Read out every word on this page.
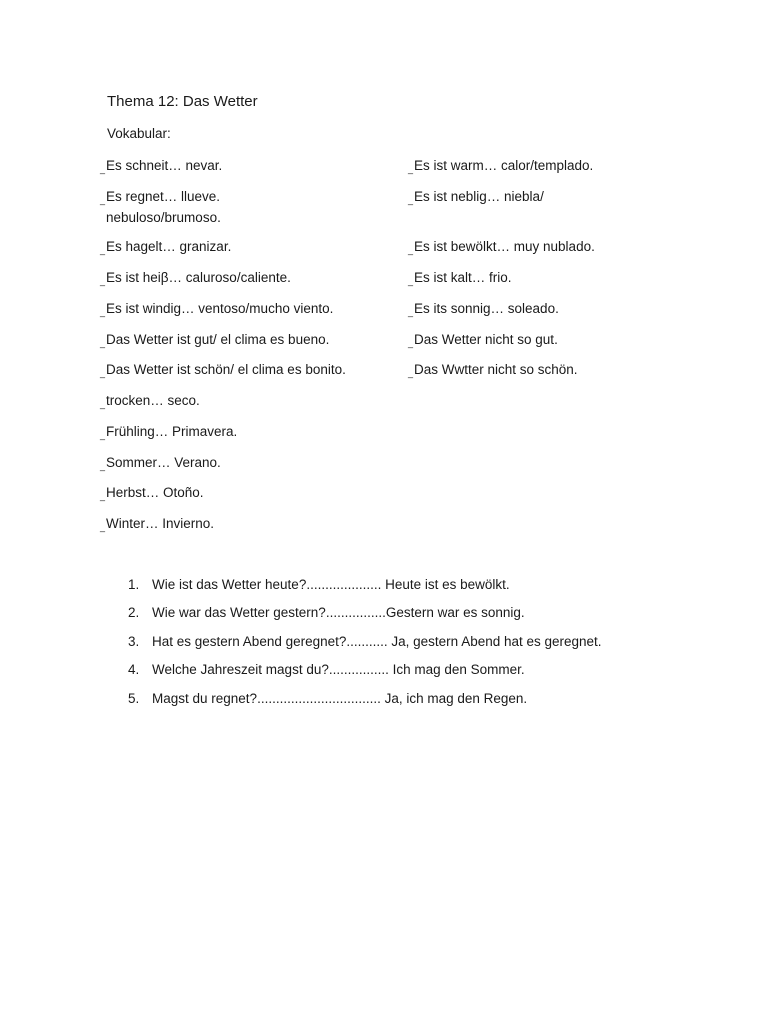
Thema 12: Das Wetter
Vokabular:
_Es schneit… nevar.
_Es regnet… llueve.
nebuloso/brumoso.
_Es hagelt… granizar.
_Es ist heiβ… caluroso/caliente.
_Es ist windig… ventoso/mucho viento.
_Das Wetter ist gut/ el clima es bueno.
_Das Wetter ist schön/ el clima es bonito.
_trocken… seco.
_Frühling… Primavera.
_Sommer… Verano.
_Herbst… Otoño.
_Winter… Invierno.
_Es ist warm… calor/templado.
_Es ist neblig… niebla/
_Es ist bewölkt… muy nublado.
_Es ist kalt… frio.
_Es its sonnig… soleado.
_Das Wetter nicht so gut.
_Das Wwtter nicht so schön.
1. Wie ist das Wetter heute?.................... Heute ist es bewölkt.
2. Wie war das Wetter gestern?................Gestern war es sonnig.
3. Hat es gestern Abend geregnet?........... Ja, gestern Abend hat es geregnet.
4. Welche Jahreszeit magst du?................ Ich mag den Sommer.
5. Magst du regnet?................................. Ja, ich mag den Regen.
